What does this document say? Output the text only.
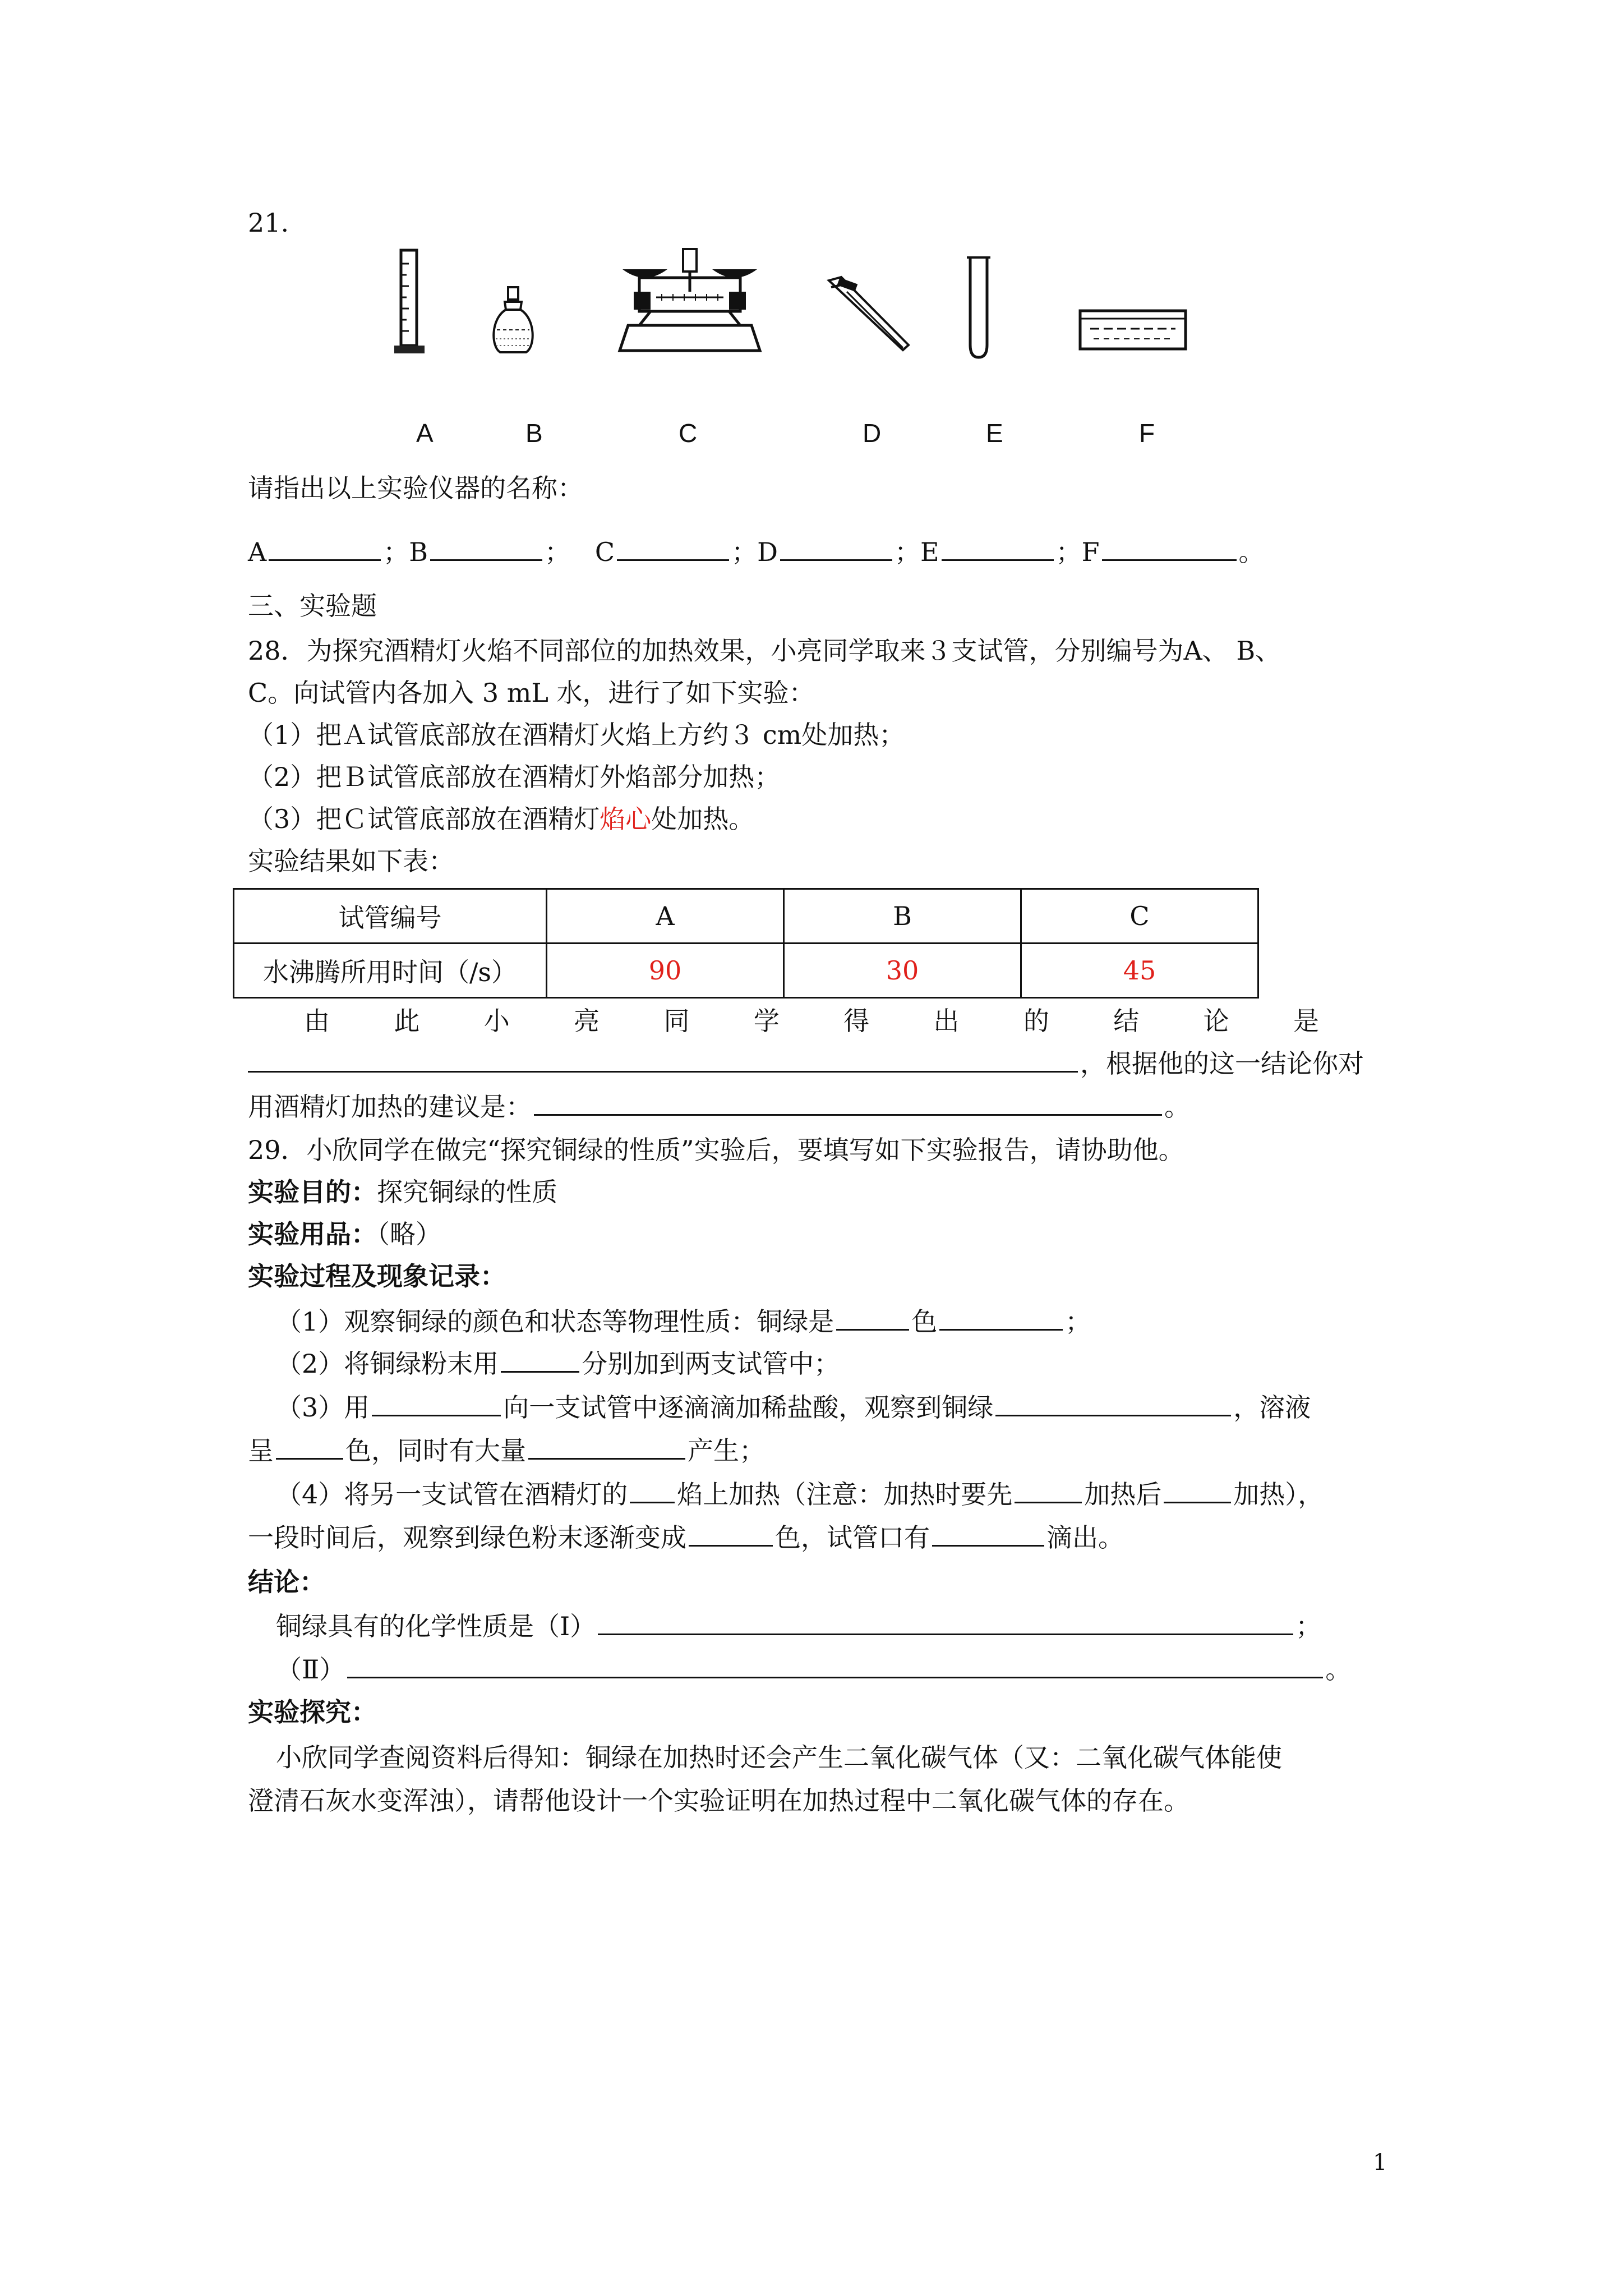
21.
A	B	C	D	E	F
请指出以上实验仪器的名称：
A	；B	； C	；D	；E	；F	。
三、实验题
28．为探究酒精灯火焰不同部位的加热效果，小亮同学取来３支试管，分别编号为A、 B、
C。向试管内各加入 3 mL 水，进行了如下实验：
（1）把Ａ试管底部放在酒精灯火焰上方约３ cm处加热；
（2）把Ｂ试管底部放在酒精灯外焰部分加热；
（3）把Ｃ试管底部放在酒精灯焰心处加热。
实验结果如下表：
试管编号	A	B	C
水沸腾所用时间（/s）	90	30	45
由 此 小 亮 同 学 得 出 的 结 论 是
，根据他的这一结论你对
用酒精灯加热的建议是：	。
29．小欣同学在做完“探究铜绿的性质”实验后，要填写如下实验报告，请协助他。
实验目的：探究铜绿的性质
实验用品：（略）
实验过程及现象记录：
（1）观察铜绿的颜色和状态等物理性质：铜绿是	色	；
（2）将铜绿粉末用	分别加到两支试管中；
（3）用	向一支试管中逐滴滴加稀盐酸，观察到铜绿	，溶液
呈	色，同时有大量	产生；
（4）将另一支试管在酒精灯的 焰上加热（注意：加热时要先	加热后	加热），
一段时间后，观察到绿色粉末逐渐变成	色，试管口有	滴出。
结论：
铜绿具有的化学性质是（Ⅰ）	；
（Ⅱ）	。
实验探究：
小欣同学查阅资料后得知：铜绿在加热时还会产生二氧化碳气体（又：二氧化碳气体能使
澄清石灰水变浑浊），请帮他设计一个实验证明在加热过程中二氧化碳气体的存在。
1
